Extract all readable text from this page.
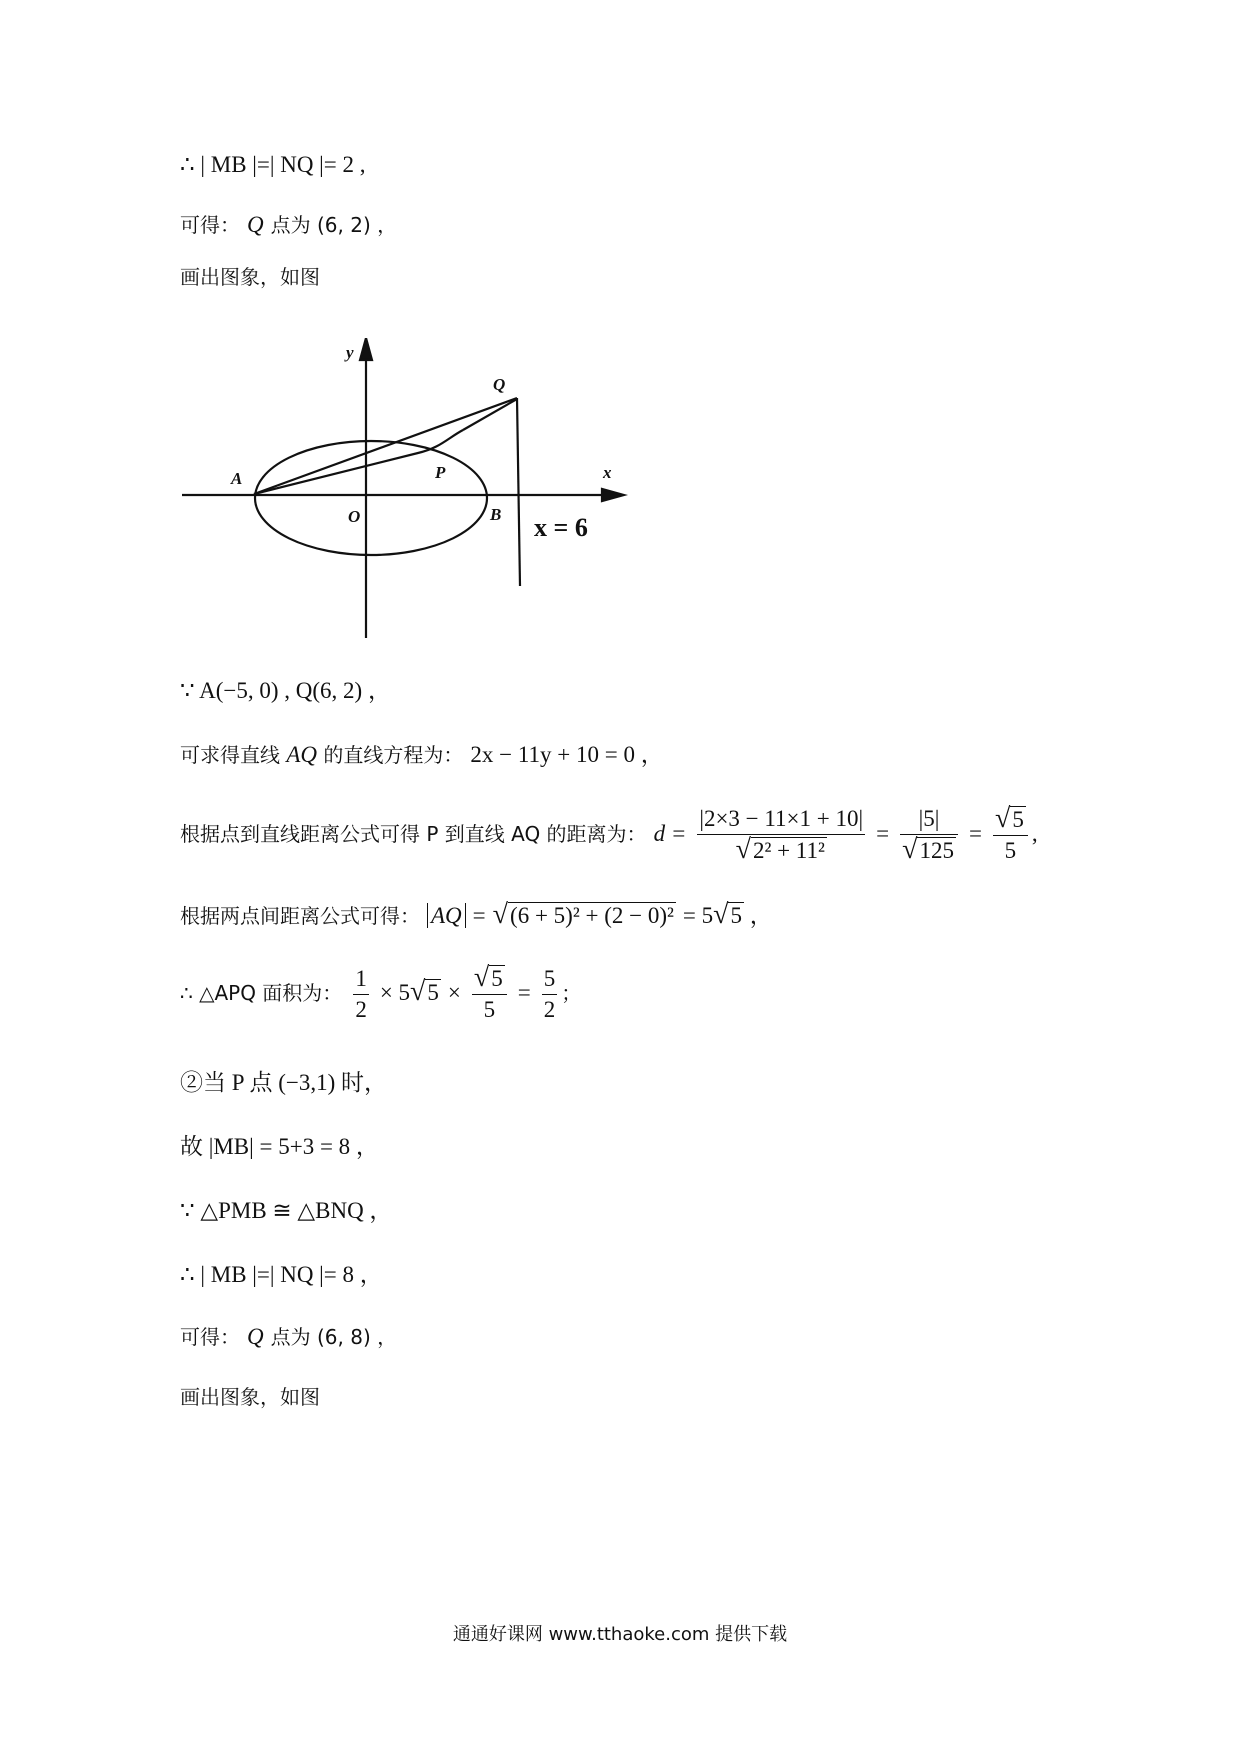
∴ | MB |=| NQ |= 2 ,
可得： Q 点为 (6, 2) ，
画出图象，如图
y
x
A
O	B
P
Q
x = 6
∵ A(−5, 0) , Q(6, 2) ，
可求得直线 AQ 的直线方程为： 2x − 11y + 10 = 0 ，
根据点到直线距离公式可得 P 到直线 AQ 的距离为： $d = \frac{|2\times 3 - 11\times 1 + 10|}{\text{√2² + 11²}} = \frac{|5|}{√125} = \frac{√5}{5}$ ,
根据两点间距离公式可得： AQ = √(6 + 5)² + (2 − 0)² = 5√5 ，
∴ △APQ 面积为： $\frac{1}{2} \times 5√5 \times \frac{√5}{5} = \frac{5}{2}$ ；
②当 P 点 (−3,1) 时，
故 |MB| = 5+3 = 8 ，
∵ △PMB ≅ △BNQ ，
∴ | MB |=| NQ |= 8 ，
可得： Q 点为 (6, 8) ，
画出图象，如图
通通好课网 www.tthaoke.com 提供下载
